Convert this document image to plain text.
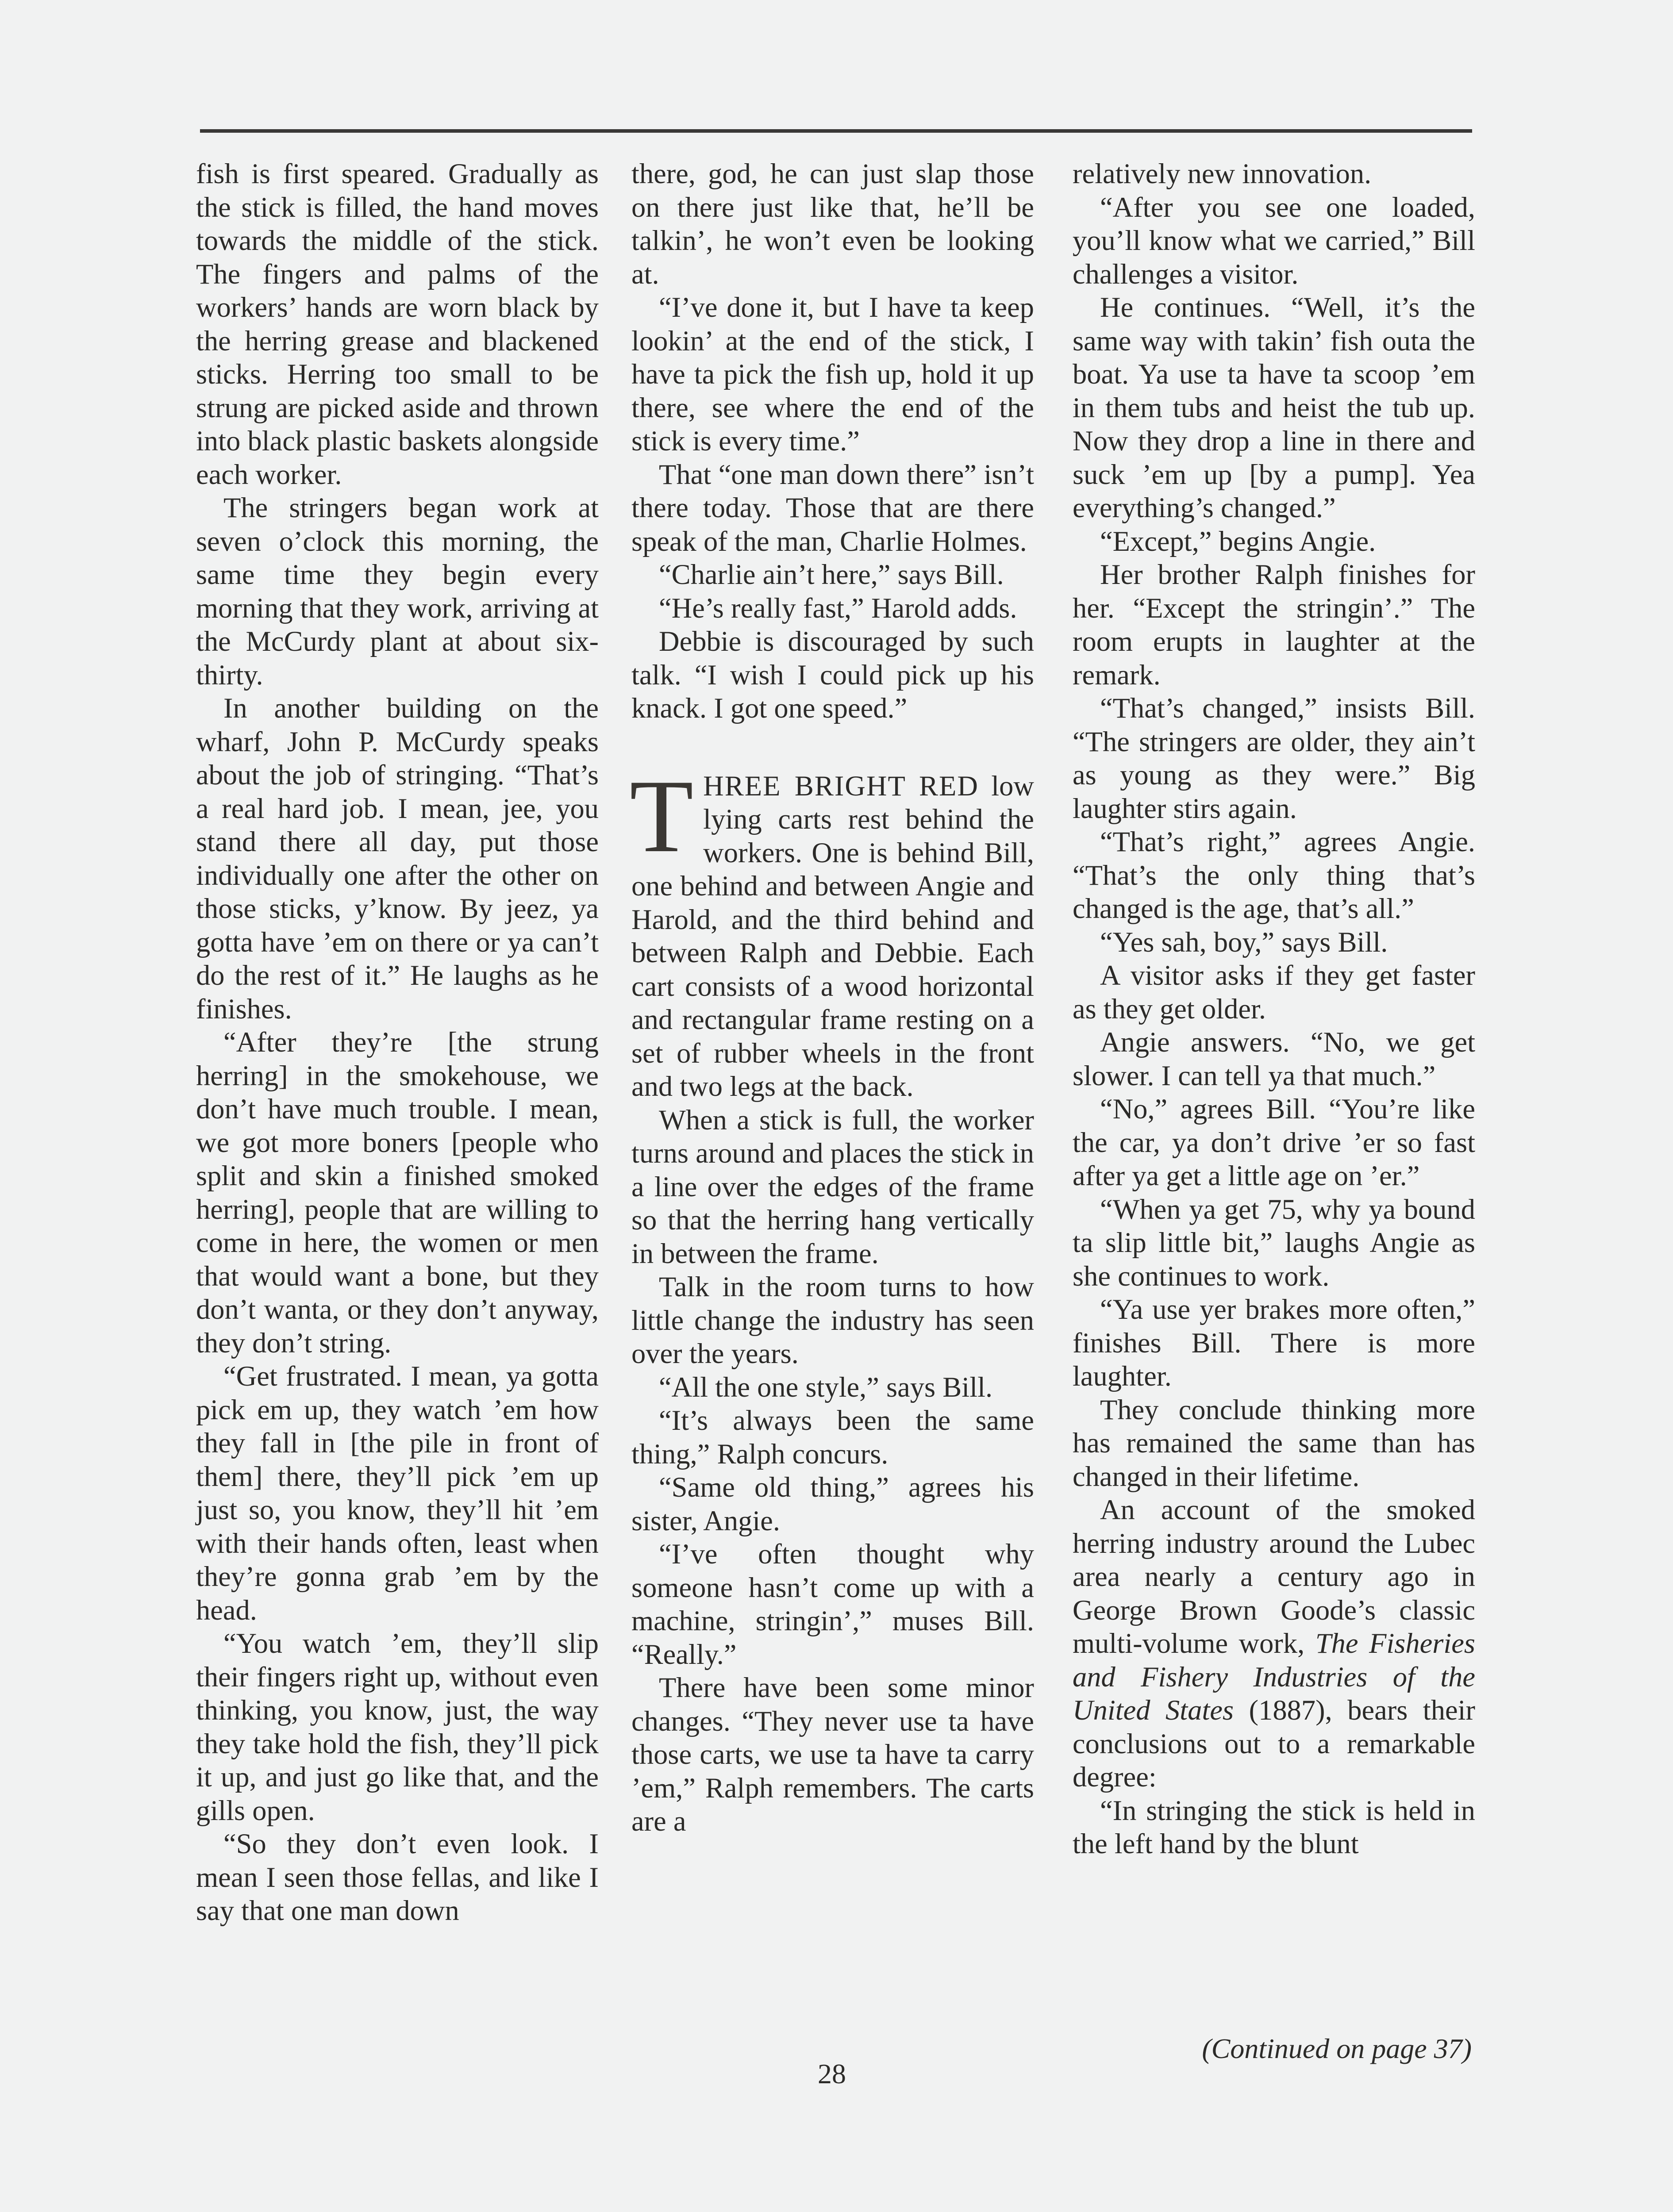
fish is first speared. Gradually as the stick is filled, the hand moves towards the middle of the stick. The fingers and palms of the workers’ hands are worn black by the herring grease and blackened sticks. Herring too small to be strung are picked aside and thrown into black plastic baskets alongside each worker.

The stringers began work at seven o’clock this morning, the same time they begin every morning that they work, arriving at the McCurdy plant at about six-thirty.

In another building on the wharf, John P. McCurdy speaks about the job of stringing. “That’s a real hard job. I mean, jee, you stand there all day, put those individually one after the other on those sticks, y’know. By jeez, ya gotta have ’em on there or ya can’t do the rest of it.” He laughs as he finishes.

“After they’re [the strung herring] in the smokehouse, we don’t have much trouble. I mean, we got more boners [people who split and skin a finished smoked herring], people that are willing to come in here, the women or men that would want a bone, but they don’t wanta, or they don’t anyway, they don’t string.

“Get frustrated. I mean, ya gotta pick em up, they watch ’em how they fall in [the pile in front of them] there, they’ll pick ’em up just so, you know, they’ll hit ’em with their hands often, least when they’re gonna grab ’em by the head.

“You watch ’em, they’ll slip their fingers right up, without even thinking, you know, just, the way they take hold the fish, they’ll pick it up, and just go like that, and the gills open.

“So they don’t even look. I mean I seen those fellas, and like I say that one man down

there, god, he can just slap those on there just like that, he’ll be talkin’, he won’t even be looking at.

“I’ve done it, but I have ta keep lookin’ at the end of the stick, I have ta pick the fish up, hold it up there, see where the end of the stick is every time.”

That “one man down there” isn’t there today. Those that are there speak of the man, Charlie Holmes.

“Charlie ain’t here,” says Bill.

“He’s really fast,” Harold adds.

Debbie is discouraged by such talk. “I wish I could pick up his knack. I got one speed.”

THREE BRIGHT RED low lying carts rest behind the workers. One is behind Bill, one behind and between Angie and Harold, and the third behind and between Ralph and Debbie. Each cart consists of a wood horizontal and rectangular frame resting on a set of rubber wheels in the front and two legs at the back.

When a stick is full, the worker turns around and places the stick in a line over the edges of the frame so that the herring hang vertically in between the frame.

Talk in the room turns to how little change the industry has seen over the years.

“All the one style,” says Bill.

“It’s always been the same thing,” Ralph concurs.

“Same old thing,” agrees his sister, Angie.

“I’ve often thought why someone hasn’t come up with a machine, stringin’,” muses Bill. “Really.”

There have been some minor changes. “They never use ta have those carts, we use ta have ta carry ’em,” Ralph remembers. The carts are a

relatively new innovation.

“After you see one loaded, you’ll know what we carried,” Bill challenges a visitor.

He continues. “Well, it’s the same way with takin’ fish outa the boat. Ya use ta have ta scoop ’em in them tubs and heist the tub up. Now they drop a line in there and suck ’em up [by a pump]. Yea everything’s changed.”

“Except,” begins Angie.

Her brother Ralph finishes for her. “Except the stringin’.” The room erupts in laughter at the remark.

“That’s changed,” insists Bill. “The stringers are older, they ain’t as young as they were.” Big laughter stirs again.

“That’s right,” agrees Angie. “That’s the only thing that’s changed is the age, that’s all.”

“Yes sah, boy,” says Bill.

A visitor asks if they get faster as they get older.

Angie answers. “No, we get slower. I can tell ya that much.”

“No,” agrees Bill. “You’re like the car, ya don’t drive ’er so fast after ya get a little age on ’er.”

“When ya get 75, why ya bound ta slip little bit,” laughs Angie as she continues to work.

“Ya use yer brakes more often,” finishes Bill. There is more laughter.

They conclude thinking more has remained the same than has changed in their lifetime.

An account of the smoked herring industry around the Lubec area nearly a century ago in George Brown Goode’s classic multi-volume work, The Fisheries and Fishery Industries of the United States (1887), bears their conclusions out to a remarkable degree:

“In stringing the stick is held in the left hand by the blunt

(Continued on page 37)
28
